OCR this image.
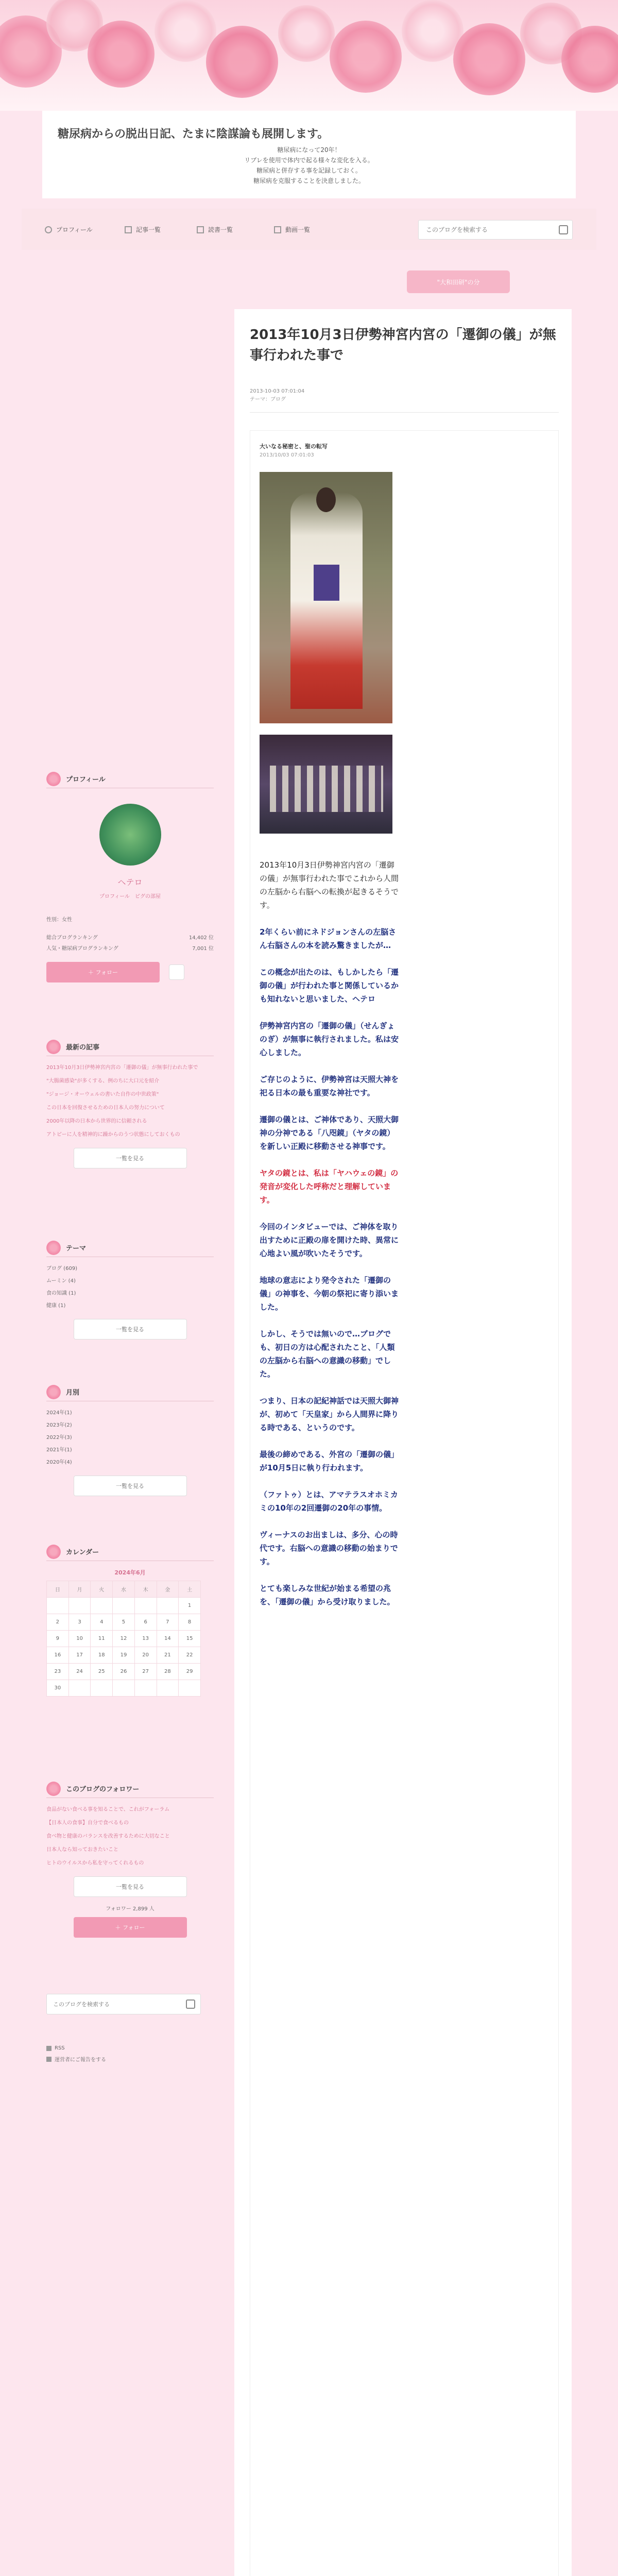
糖尿病からの脱出日記、たまに陰謀論も展開します。
糖尿病になって20年！
リブレを使用で体内で起る様々な変化を入る。
糖尿病と併存する事を記録しておく。
糖尿病を克服することを決意しました。
プロフィール	記事一覧	読書一覧	動画一覧
このブログを検索する
"大和田研"の分
2013年10月3日伊勢神宮内宮の「遷御の儀」が無事行われた事で
2013-10-03 07:01:04
テーマ：ブログ
大いなる秘密と、聖の転写
2013/10/03 07:01:03

2013年10月3日伊勢神宮内宮の「遷御の儀」が無事行われた事でこれから人間の左脳から右脳への転換が起きるそうです。

2年くらい前にネドジョンさんの左脳さん右脳さんの本を読み驚きましたが…

この概念が出たのは、もしかしたら「遷御の儀」が行われた事と関係しているかも知れないと思いました、ヘテロ

伊勢神宮内宮の「遷御の儀」（せんぎょのぎ）が無事に執行されました。私は安心しました。

ご存じのように、伊勢神宮は天照大神を祀る日本の最も重要な神社です。

遷御の儀とは、ご神体であり、天照大御神の分神である「八咫鏡」（ヤタの鏡）を新しい正殿に移動させる神事です。

ヤタの鏡とは、私は「ヤハウェの鏡」の発音が変化した呼称だと理解しています。

今回のインタビューでは、ご神体を取り出すために正殿の扉を開けた時、異常に心地よい風が吹いたそうです。

地球の意志により発令された「遷御の儀」の神事を、今朝の祭祀に寄り添いました。

しかし、そうでは無いので…ブログでも、初日の方は心配されたこと、「人類の左脳から右脳への意識の移動」でした。

つまり、日本の記紀神話では天照大御神が、初めて「天皇家」から人間界に降りる時である、というのです。

最後の締めである、外宮の「遷御の儀」が10月5日に執り行われます。

（ファトゥ）とは、アマテラスオホミカミの10年の2回遷御の20年の事情。

ヴィーナスのお出ましは、多分、心の時代です。右脳への意識の移動の始まりです。

とても楽しみな世紀が始まる希望の兆を、「遷御の儀」から受け取りました。

プロフィール
ヘテロ
プロフィール　ピグの部屋
性別：女性
総合ブログランキング	14,402 位
人気・糖尿病ブログランキング	7,001 位
＋ フォロー
最新の記事
2013年10月3日伊勢神宮内宮の「遷御の儀」が無事行われた事で
"大腸菌感染"が多くする、例のちに大口元を紹介
"ジョージ・オーウェルの書いた自作の中世政策"
この日本を回復させるための日本人の努力について
2000年以降の日本から世界的に信頼される
アトピーに人を精神的に躁からのうつ状態にしておくもの
一覧を見る
テーマ
ブログ (609)
ムーミン (4)
食の知識 (1)
健康 (1)
一覧を見る
月別
2024年(1)
2023年(2)
2022年(3)
2021年(1)
2020年(4)
一覧を見る
カレンダー
2024年6月
日	月	火	水	木	金	土
						1
2	3	4	5	6	7	8
9	10	11	12	13	14	15
16	17	18	19	20	21	22
23	24	25	26	27	28	29
30						
このブログのフォロワー
食品がない食べる事を知ることで、これがフォーラム
【日本人の食事】自分で食べるもの
食べ物と健康のバランスを改善するために大切なこと
日本人なら知っておきたいこと
ヒトのウイルスから私を守ってくれるもの
一覧を見る
フォロワー 2,899 人
＋ フォロー
このブログを検索する
RSS
運営者にご報告をする
